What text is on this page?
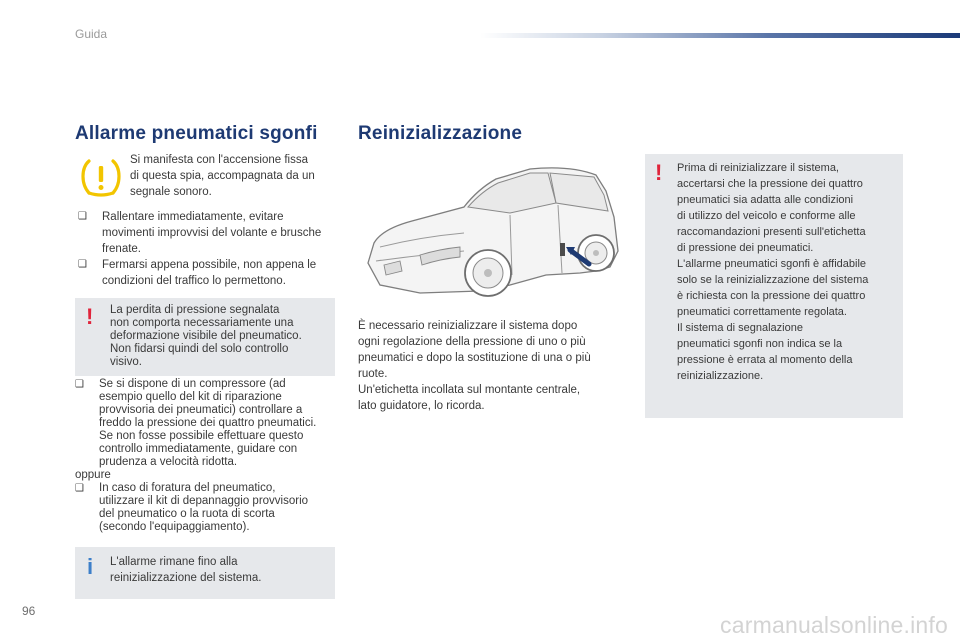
Guida
Allarme pneumatici sgonfi
Si manifesta con l'accensione fissa
di questa spia, accompagnata da un
segnale sonoro.
❑	Rallentare immediatamente, evitare
movimenti improvvisi del volante e brusche
frenate.
❑	Fermarsi appena possibile, non appena le
condizioni del traffico lo permettono.
! La perdita di pressione segnalata
non comporta necessariamente una
deformazione visibile del pneumatico.
Non fidarsi quindi del solo controllo
visivo.
❑	Se si dispone di un compressore (ad
esempio quello del kit di riparazione
provvisoria dei pneumatici) controllare a
freddo la pressione dei quattro pneumatici.
Se non fosse possibile effettuare questo
controllo immediatamente, guidare con
prudenza a velocità ridotta.
oppure
❑	In caso di foratura del pneumatico,
utilizzare il kit di depannaggio provvisorio
del pneumatico o la ruota di scorta
(secondo l'equipaggiamento).
i L'allarme rimane fino alla
reinizializzazione del sistema.
Reinizializzazione
È necessario reinizializzare il sistema dopo
ogni regolazione della pressione di uno o più
pneumatici e dopo la sostituzione di una o più
ruote.
Un'etichetta incollata sul montante centrale,
lato guidatore, lo ricorda.
! Prima di reinizializzare il sistema,
accertarsi che la pressione dei quattro
pneumatici sia adatta alle condizioni
di utilizzo del veicolo e conforme alle
raccomandazioni presenti sull'etichetta
di pressione dei pneumatici.
L'allarme pneumatici sgonfi è affidabile
solo se la reinizializzazione del sistema
è richiesta con la pressione dei quattro
pneumatici correttamente regolata.
Il sistema di segnalazione
pneumatici sgonfi non indica se la
pressione è errata al momento della
reinizializzazione.
96
carmanualsonline.info
